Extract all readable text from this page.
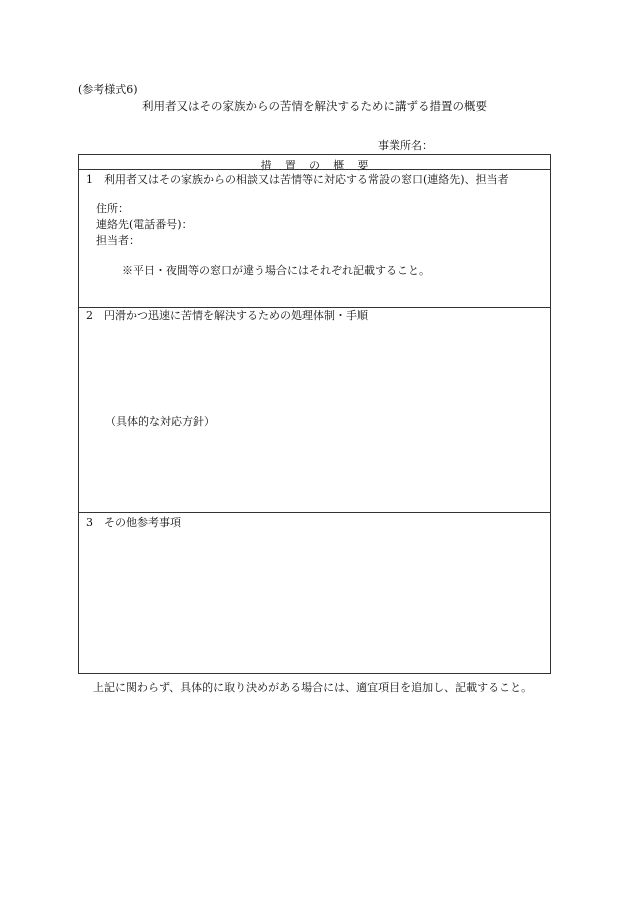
(参考様式6)
利用者又はその家族からの苦情を解決するために講ずる措置の概要
事業所名：
措 置 の 概 要
1　利用者又はその家族からの相談又は苦情等に対応する常設の窓口(連絡先)、担当者
住所：
連絡先(電話番号)：
担当者：
※平日・夜間等の窓口が違う場合にはそれぞれ記載すること。
2　円滑かつ迅速に苦情を解決するための処理体制・手順
（具体的な対応方針）
3　その他参考事項
上記に関わらず、具体的に取り決めがある場合には、適宜項目を追加し、記載すること。
